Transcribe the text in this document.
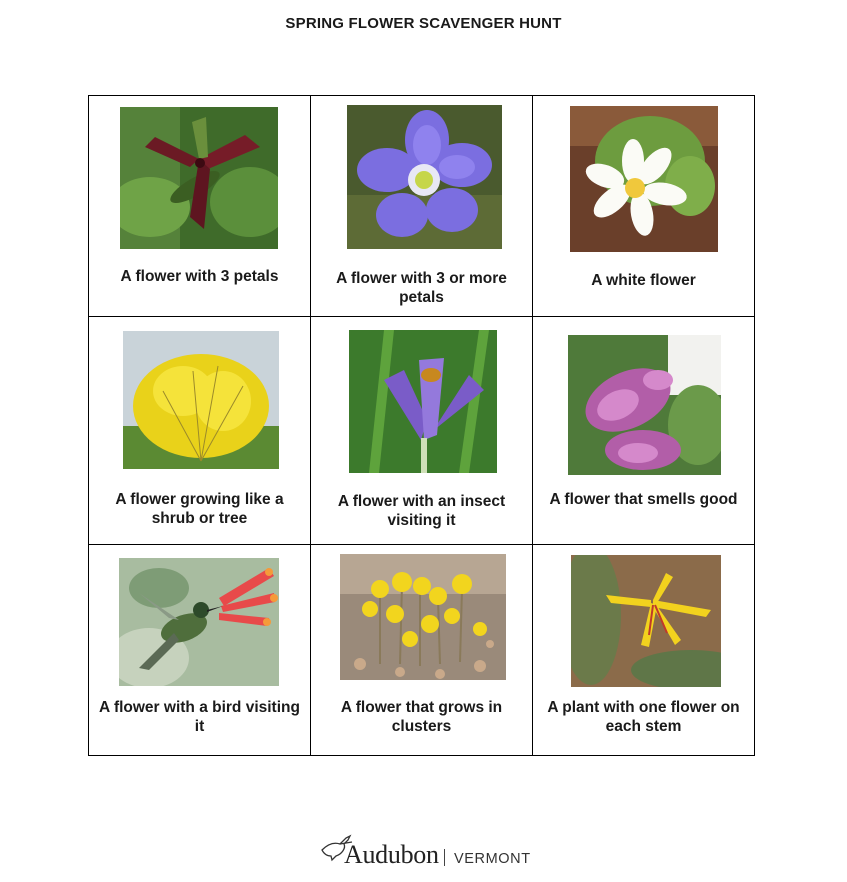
SPRING FLOWER SCAVENGER HUNT
A flower with 3 petals	A flower with 3 or more petals	A white flower

A flower growing like a shrub or tree	A flower with an insect visiting it	A flower that smells good

A flower with a bird visiting it	A flower that grows in clusters	A plant with one flower on each stem
Audubon VERMONT
